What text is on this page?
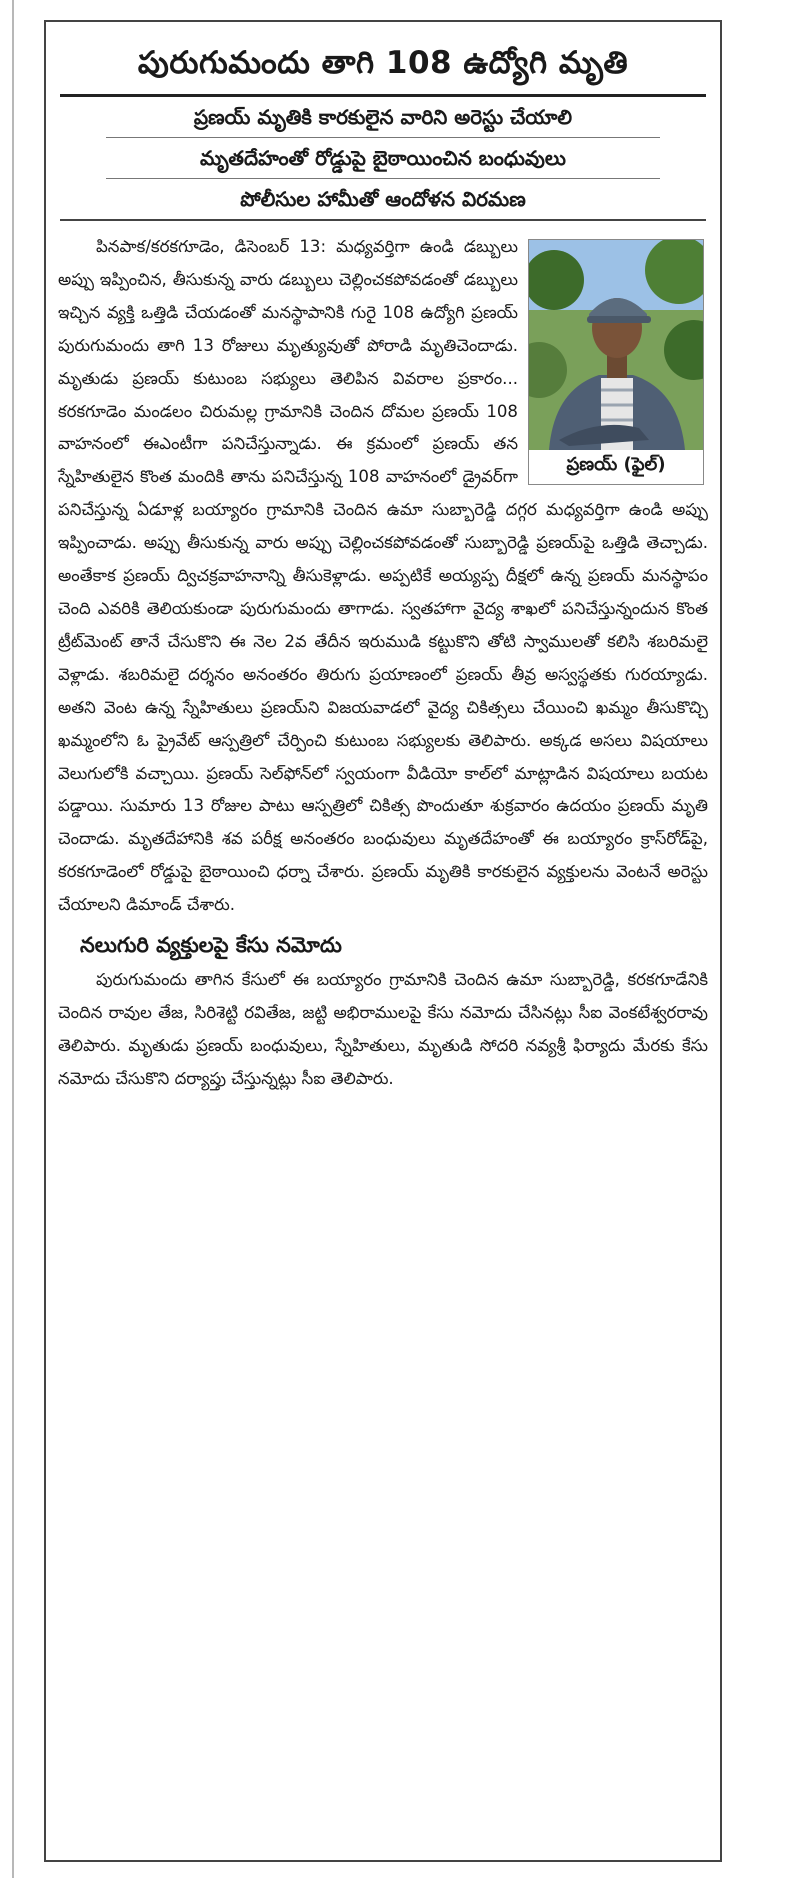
పురుగుమందు తాగి 108 ఉద్యోగి మృతి
ప్రణయ్ మృతికి కారకులైన వారిని అరెస్టు చేయాలి
మృతదేహంతో రోడ్డుపై బైఠాయించిన బంధువులు
పోలీసుల హామీతో ఆందోళన విరమణ
ప్రణయ్ (ఫైల్)

పినపాక/కరకగూడెం, డిసెంబర్ 13: మధ్యవర్తిగా ఉండి డబ్బులు అప్పు ఇప్పించిన, తీసుకున్న వారు డబ్బులు చెల్లించకపోవడంతో డబ్బులు ఇచ్చిన వ్యక్తి ఒత్తిడి చేయడంతో మనస్థాపానికి గురై 108 ఉద్యోగి ప్రణయ్ పురుగుమందు తాగి 13 రోజులు మృత్యువుతో పోరాడి మృతిచెందాడు. మృతుడు ప్రణయ్ కుటుంబ సభ్యులు తెలిపిన వివరాల ప్రకారం... కరకగూడెం మండలం చిరుమల్ల గ్రామానికి చెందిన దోమల ప్రణయ్ 108 వాహనంలో ఈఎంటీగా పనిచేస్తున్నాడు. ఈ క్రమంలో ప్రణయ్ తన స్నేహితులైన కొంత మందికి తాను పనిచేస్తున్న 108 వాహనంలో డ్రైవర్‌గా పనిచేస్తున్న ఏడూళ్ల బయ్యారం గ్రామానికి చెందిన ఉమా సుబ్బారెడ్డి దగ్గర మధ్యవర్తిగా ఉండి అప్పు ఇప్పించాడు. అప్పు తీసుకున్న వారు అప్పు చెల్లించకపోవడంతో సుబ్బారెడ్డి ప్రణయ్‌పై ఒత్తిడి తెచ్చాడు. అంతేకాక ప్రణయ్ ద్విచక్రవాహనాన్ని తీసుకెళ్లాడు. అప్పటికే అయ్యప్ప దీక్షలో ఉన్న ప్రణయ్ మనస్థాపం చెంది ఎవరికి తెలియకుండా పురుగుమందు తాగాడు. స్వతహాగా వైద్య శాఖలో పనిచేస్తున్నందున కొంత ట్రీట్‌మెంట్ తానే చేసుకొని ఈ నెల 2వ తేదీన ఇరుముడి కట్టుకొని తోటి స్వాములతో కలిసి శబరిమలై వెళ్లాడు. శబరిమలై దర్శనం అనంతరం తిరుగు ప్రయాణంలో ప్రణయ్ తీవ్ర అస్వస్థతకు గురయ్యాడు. అతని వెంట ఉన్న స్నేహితులు ప్రణయ్‌ని విజయవాడలో వైద్య చికిత్సలు చేయించి ఖమ్మం తీసుకొచ్చి ఖమ్మంలోని ఓ ప్రైవేట్ ఆస్పత్రిలో చేర్పించి కుటుంబ సభ్యులకు తెలిపారు. అక్కడ అసలు విషయాలు వెలుగులోకి వచ్చాయి. ప్రణయ్ సెల్‌ఫోన్‌లో స్వయంగా వీడియో కాల్‌లో మాట్లాడిన విషయాలు బయట పడ్డాయి. సుమారు 13 రోజుల పాటు ఆస్పత్రిలో చికిత్స పొందుతూ శుక్రవారం ఉదయం ప్రణయ్ మృతి చెందాడు. మృతదేహానికి శవ పరీక్ష అనంతరం బంధువులు మృతదేహంతో ఈ బయ్యారం క్రాస్‌రోడ్‌పై, కరకగూడెంలో రోడ్డుపై బైఠాయించి ధర్నా చేశారు. ప్రణయ్ మృతికి కారకులైన వ్యక్తులను వెంటనే అరెస్టు చేయాలని డిమాండ్ చేశారు.

నలుగురి వ్యక్తులపై కేసు నమోదు

పురుగుమందు తాగిన కేసులో ఈ బయ్యారం గ్రామానికి చెందిన ఉమా సుబ్బారెడ్డి, కరకగూడేనికి చెందిన రావుల తేజ, సిరిశెట్టి రవితేజ, జట్టి అభిరాములపై కేసు నమోదు చేసినట్లు సీఐ వెంకటేశ్వరరావు తెలిపారు. మృతుడు ప్రణయ్ బంధువులు, స్నేహితులు, మృతుడి సోదరి నవ్యశ్రీ ఫిర్యాదు మేరకు కేసు నమోదు చేసుకొని దర్యాప్తు చేస్తున్నట్లు సీఐ తెలిపారు.
